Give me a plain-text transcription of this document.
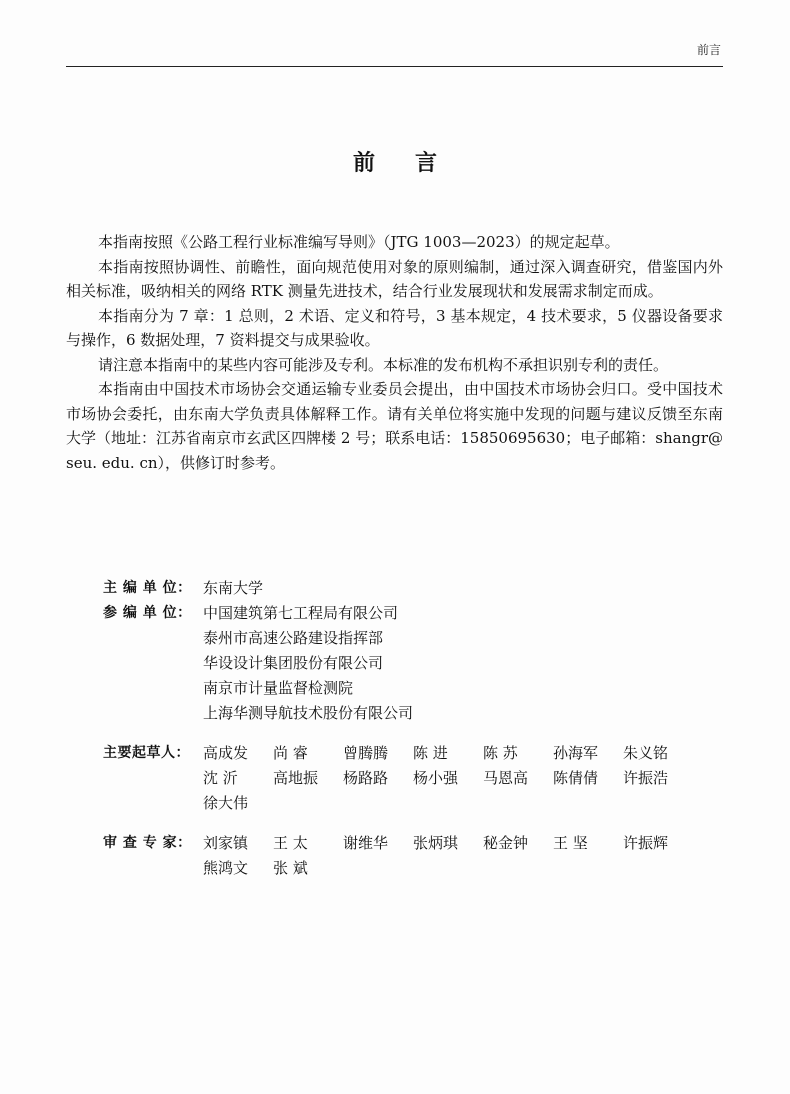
前言
前言

本指南按照《公路工程行业标准编写导则》（JTG 1003—2023）的规定起草。

本指南按照协调性、前瞻性，面向规范使用对象的原则编制，通过深入调查研究，借鉴国内外相关标准，吸纳相关的网络 RTK 测量先进技术，结合行业发展现状和发展需求制定而成。

本指南分为 7 章：1 总则，2 术语、定义和符号，3 基本规定，4 技术要求，5 仪器设备要求与操作，6 数据处理，7 资料提交与成果验收。

请注意本指南中的某些内容可能涉及专利。本标准的发布机构不承担识别专利的责任。

本指南由中国技术市场协会交通运输专业委员会提出，由中国技术市场协会归口。受中国技术市场协会委托，由东南大学负责具体解释工作。请有关单位将实施中发现的问题与建议反馈至东南大学（地址：江苏省南京市玄武区四牌楼 2 号；联系电话：15850695630；电子邮箱：shangr@ seu. edu. cn），供修订时参考。

主 编 单 位： 东南大学
参 编 单 位： 中国建筑第七工程局有限公司
泰州市高速公路建设指挥部
华设设计集团股份有限公司
南京市计量监督检测院
上海华测导航技术股份有限公司
主要起草人： 高成发	尚 睿	曾腾腾	陈 进	陈 苏	孙海军	朱义铭
沈 沂	高地振	杨路路	杨小强	马恩高	陈倩倩	许振浩
徐大伟
审 查 专 家： 刘家镇	王 太	谢维华	张炳琪	秘金钟	王 坚	许振辉
熊鸿文	张 斌
